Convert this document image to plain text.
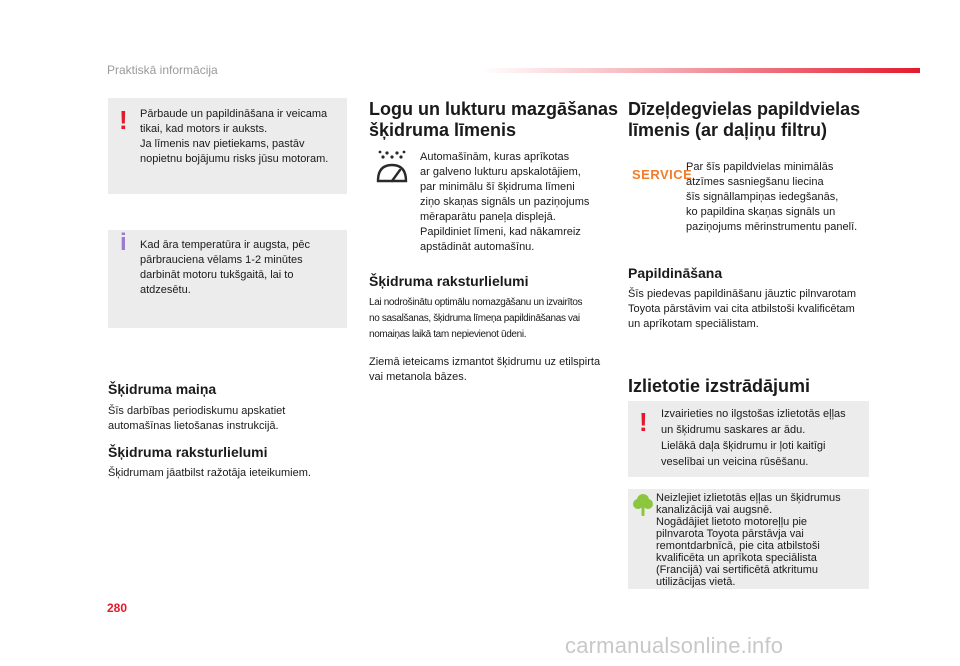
Praktiskā informācija
! Pārbaude un papildināšana ir veicama
tikai, kad motors ir auksts.
Ja līmenis nav pietiekams, pastāv
nopietnu bojājumu risks jūsu motoram.
i Kad āra temperatūra ir augsta, pēc
pārbrauciena vēlams 1-2 minūtes
darbināt motoru tukšgaitā, lai to
atdzesētu.
Šķidruma maiņa
Šīs darbības periodiskumu apskatiet
automašīnas lietošanas instrukcijā.
Šķidruma raksturlielumi
Šķidrumam jāatbilst ražotāja ieteikumiem.
Logu un lukturu mazgāšanas
šķidruma līmenis
Automašīnām, kuras aprīkotas
ar galveno lukturu apskalotājiem,
par minimālu šī šķidruma līmeni
ziņo skaņas signāls un paziņojums
mēraparātu paneļa displejā.
Papildiniet līmeni, kad nākamreiz
apstādināt automašīnu.
Šķidruma raksturlielumi
Lai nodrošinātu optimālu nomazgāšanu un izvairītos
no sasalšanas, šķidruma līmeņa papildināšanas vai
nomaiņas laikā tam nepievienot ūdeni.
Ziemā ieteicams izmantot šķidrumu uz etilspirta
vai metanola bāzes.
Dīzeļdegvielas papildvielas
līmenis (ar daļiņu filtru)
SERVICE
Par šīs papildvielas minimālās
atzīmes sasniegšanu liecina
šīs signāllampiņas iedegšanās,
ko papildina skaņas signāls un
paziņojums mērinstrumentu panelī.
Papildināšana
Šīs piedevas papildināšanu jāuztic pilnvarotam
Toyota pārstāvim vai cita atbilstoši kvalificētam
un aprīkotam speciālistam.
Izlietotie izstrādājumi
! Izvairieties no ilgstošas izlietotās eļļas
un šķidrumu saskares ar ādu.
Lielākā daļa šķidrumu ir ļoti kaitīgi
veselībai un veicina rūsēšanu.
Neizlejiet izlietotās eļļas un šķidrumus
kanalizācijā vai augsnē.
Nogādājiet lietoto motoreļļu pie
pilnvarota Toyota pārstāvja vai
remontdarbnīcā, pie cita atbilstoši
kvalificēta un aprīkota speciālista
(Francijā) vai sertificētā atkritumu
utilizācijas vietā.
280
carmanualsonline.info
